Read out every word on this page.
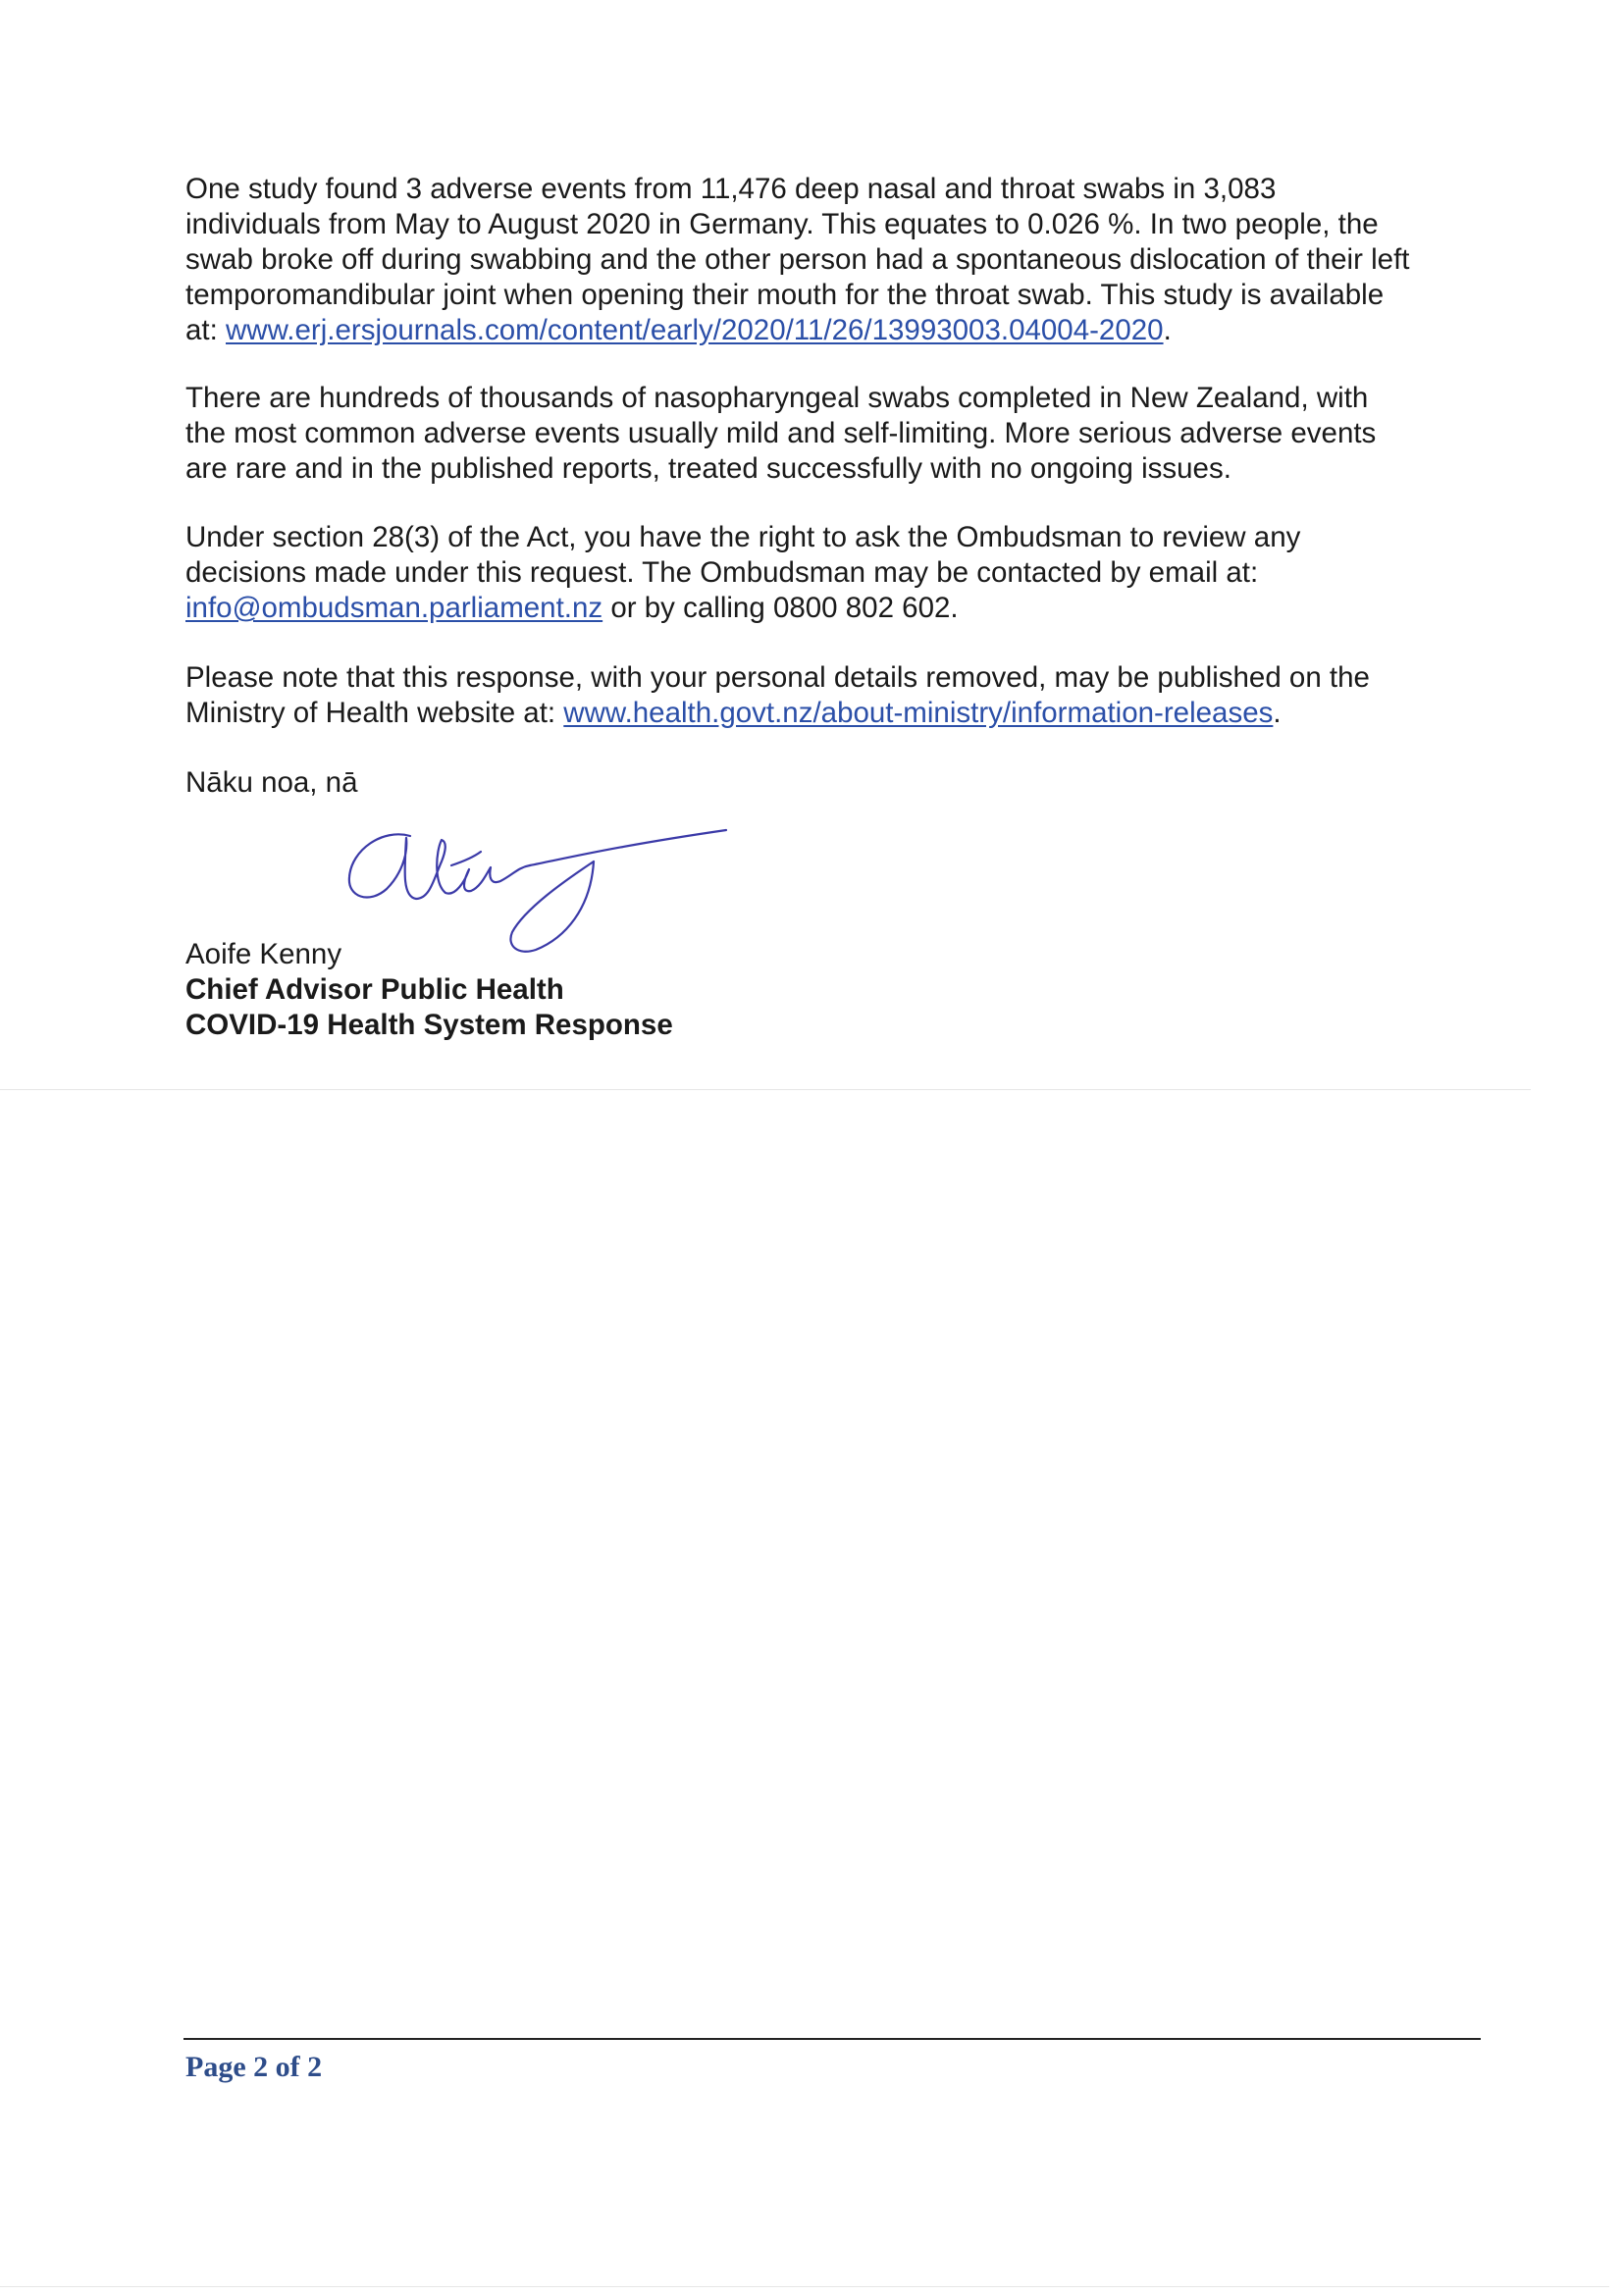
One study found 3 adverse events from 11,476 deep nasal and throat swabs in 3,083
individuals from May to August 2020 in Germany. This equates to 0.026 %. In two people, the
swab broke off during swabbing and the other person had a spontaneous dislocation of their left
temporomandibular joint when opening their mouth for the throat swab. This study is available
at: www.erj.ersjournals.com/content/early/2020/11/26/13993003.04004-2020.

There are hundreds of thousands of nasopharyngeal swabs completed in New Zealand, with
the most common adverse events usually mild and self-limiting. More serious adverse events
are rare and in the published reports, treated successfully with no ongoing issues.

Under section 28(3) of the Act, you have the right to ask the Ombudsman to review any
decisions made under this request. The Ombudsman may be contacted by email at:
info@ombudsman.parliament.nz or by calling 0800 802 602.

Please note that this response, with your personal details removed, may be published on the
Ministry of Health website at: www.health.govt.nz/about-ministry/information-releases.

Nāku noa, nā
Aoife Kenny
Chief Advisor Public Health
COVID-19 Health System Response
Page 2 of 2
